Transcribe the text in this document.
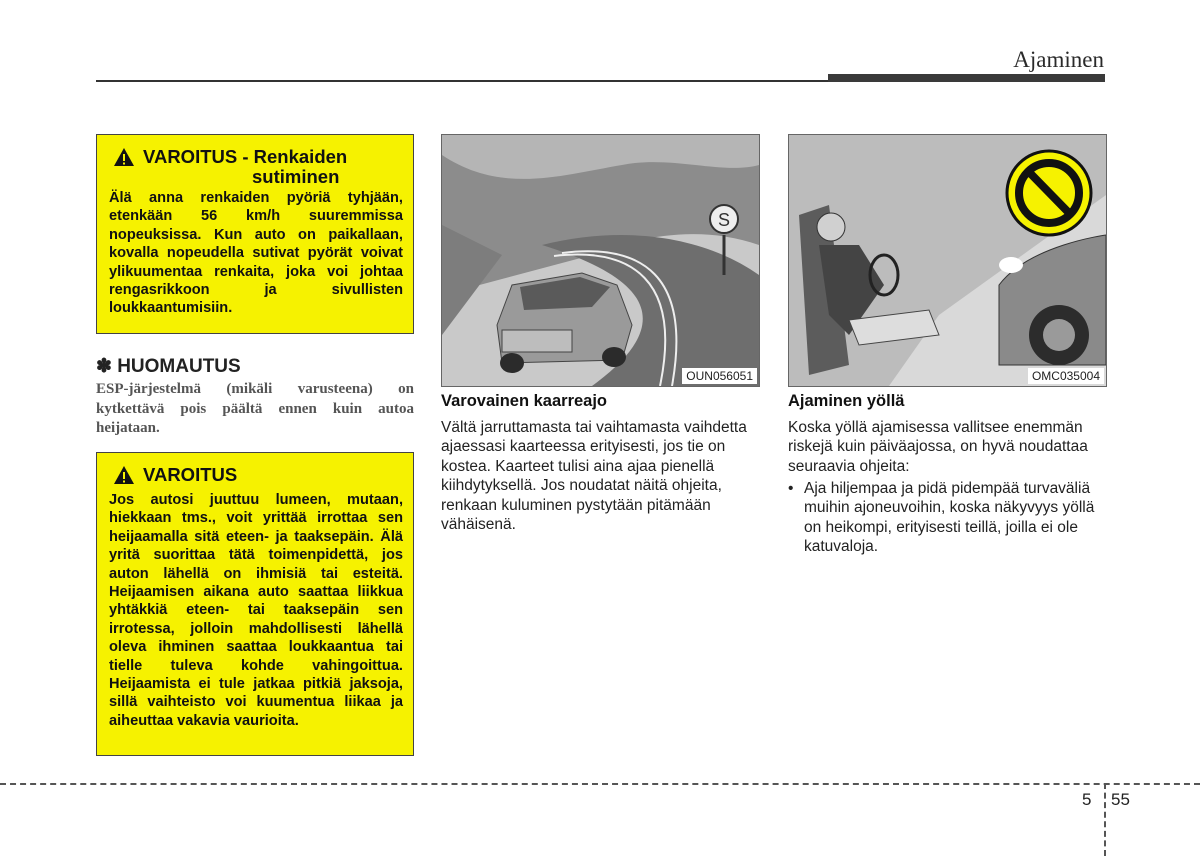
Ajaminen
VAROITUS - Renkaiden
sutiminen
Älä anna renkaiden pyöriä tyhjään, etenkään 56 km/h suuremmissa nopeuksissa. Kun auto on paikallaan, kovalla nopeudella sutivat pyörät voivat ylikuumentaa renkaita, joka voi johtaa rengasrikkoon ja sivullisten loukkaantumisiin.
✽ HUOMAUTUS
ESP-järjestelmä (mikäli varusteena) on kytkettävä pois päältä ennen kuin autoa heijataan.
VAROITUS
Jos autosi juuttuu lumeen, mutaan, hiekkaan tms., voit yrittää irrottaa sen heijaamalla sitä eteen- ja taaksepäin. Älä yritä suorittaa tätä toimenpidettä, jos auton lähellä on ihmisiä tai esteitä. Heijaamisen aikana auto saattaa liikkua yhtäkkiä eteen- tai taaksepäin sen irrotessa, jolloin mahdollisesti lähellä oleva ihminen saattaa loukkaantua tai tielle tuleva kohde vahingoittua. Heijaamista ei tule jatkaa pitkiä jaksoja, sillä vaihteisto voi kuumentua liikaa ja aiheuttaa vakavia vaurioita.
S
OUN056051	OMC035004
Varovainen kaarreajo
Vältä jarruttamasta tai vaihtamasta vaihdetta ajaessasi kaarteessa erityisesti, jos tie on kostea. Kaarteet tulisi aina ajaa pienellä kiihdytyksellä. Jos noudatat näitä ohjeita, renkaan kuluminen pystytään pitämään vähäisenä.
Ajaminen yöllä
Koska yöllä ajamisessa vallitsee enemmän riskejä kuin päiväajossa, on hyvä noudattaa seuraavia ohjeita:
• Aja hiljempaa ja pidä pidempää turvaväliä muihin ajoneuvoihin, koska näkyvyys yöllä on heikompi, erityisesti teillä, joilla ei ole katuvaloja.
5 55
